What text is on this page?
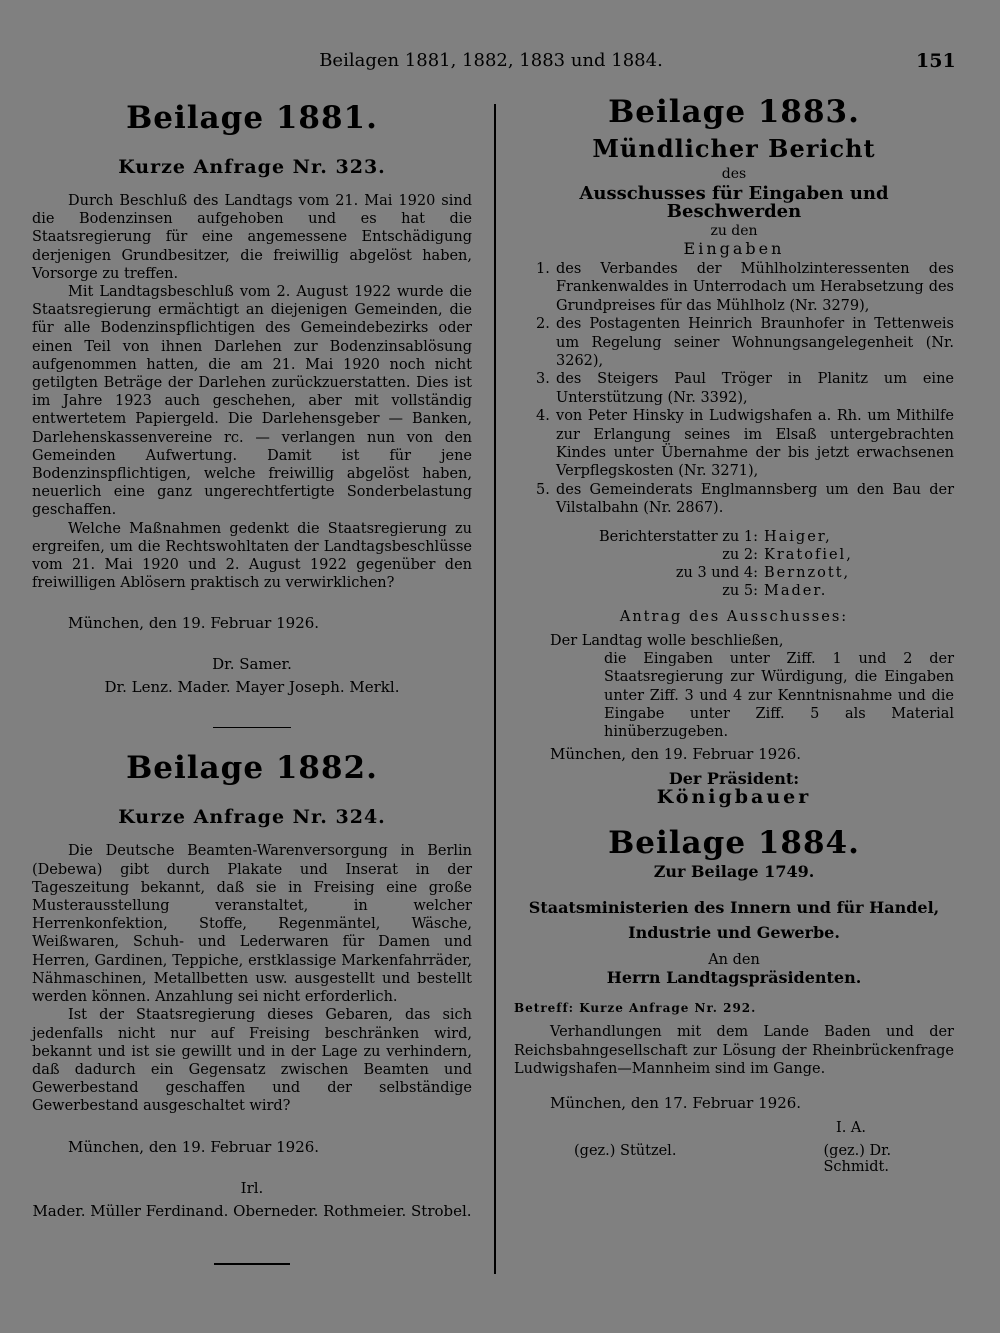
Beilagen 1881, 1882, 1883 und 1884.	151
Beilage 1881.
Kurze Anfrage Nr. 323.

Durch Beschluß des Landtags vom 21. Mai 1920 sind die Bodenzinsen aufgehoben und es hat die Staatsregierung für eine angemessene Entschädigung derjenigen Grundbesitzer, die freiwillig abgelöst haben, Vorsorge zu treffen.

Mit Landtagsbeschluß vom 2. August 1922 wurde die Staatsregierung ermächtigt an diejenigen Gemeinden, die für alle Bodenzinspflichtigen des Gemeindebezirks oder einen Teil von ihnen Darlehen zur Bodenzinsablösung aufgenommen hatten, die am 21. Mai 1920 noch nicht getilgten Beträge der Darlehen zurückzuerstatten. Dies ist im Jahre 1923 auch geschehen, aber mit vollständig entwertetem Papiergeld. Die Darlehensgeber — Banken, Darlehenskassenvereine rc. — verlangen nun von den Gemeinden Aufwertung. Damit ist für jene Bodenzinspflichtigen, welche freiwillig abgelöst haben, neuerlich eine ganz ungerechtfertigte Sonderbelastung geschaffen.

Welche Maßnahmen gedenkt die Staatsregierung zu ergreifen, um die Rechtswohltaten der Landtagsbeschlüsse vom 21. Mai 1920 und 2. August 1922 gegenüber den freiwilligen Ablösern praktisch zu verwirklichen?

München, den 19. Februar 1926.

Dr. Samer.

Dr. Lenz. Mader. Mayer Joseph. Merkl.

Beilage 1882.
Kurze Anfrage Nr. 324.

Die Deutsche Beamten-Warenversorgung in Berlin (Debewa) gibt durch Plakate und Inserat in der Tageszeitung bekannt, daß sie in Freising eine große Musterausstellung veranstaltet, in welcher Herrenkonfektion, Stoffe, Regenmäntel, Wäsche, Weißwaren, Schuh- und Lederwaren für Damen und Herren, Gardinen, Teppiche, erstklassige Markenfahrräder, Nähmaschinen, Metallbetten usw. ausgestellt und bestellt werden können. Anzahlung sei nicht erforderlich.

Ist der Staatsregierung dieses Gebaren, das sich jedenfalls nicht nur auf Freising beschränken wird, bekannt und ist sie gewillt und in der Lage zu verhindern, daß dadurch ein Gegensatz zwischen Beamten und Gewerbestand geschaffen und der selbständige Gewerbestand ausgeschaltet wird?

München, den 19. Februar 1926.

Irl.

Mader. Müller Ferdinand. Oberneder. Rothmeier. Strobel.

Beilage 1883.
Mündlicher Bericht

des

Ausschusses für Eingaben und Beschwerden

zu den

Eingaben

1. des Verbandes der Mühlholzinteressenten des Frankenwaldes in Unterrodach um Herabsetzung des Grundpreises für das Mühlholz (Nr. 3279),
2. des Postagenten Heinrich Braunhofer in Tettenweis um Regelung seiner Wohnungsangelegenheit (Nr. 3262),
3. des Steigers Paul Tröger in Planitz um eine Unterstützung (Nr. 3392),
4. von Peter Hinsky in Ludwigshafen a. Rh. um Mithilfe zur Erlangung seines im Elsaß untergebrachten Kindes unter Übernahme der bis jetzt erwachsenen Verpflegskosten (Nr. 3271),
5. des Gemeinderats Englmannsberg um den Bau der Vilstalbahn (Nr. 2867).
Berichterstatter zu 1: Haiger,
zu 2: Kratofiel,
zu 3 und 4: Bernzott,
zu 5: Mader.

Antrag des Ausschusses:

Der Landtag wolle beschließen,

die Eingaben unter Ziff. 1 und 2 der Staatsregierung zur Würdigung, die Eingaben unter Ziff. 3 und 4 zur Kenntnisnahme und die Eingabe unter Ziff. 5 als Material hinüberzugeben.

München, den 19. Februar 1926.

Der Präsident:

Königbauer

Beilage 1884.

Zur Beilage 1749.

Staatsministerien des Innern und für Handel, Industrie und Gewerbe.

An den

Herrn Landtagspräsidenten.

Betreff: Kurze Anfrage Nr. 292.

Verhandlungen mit dem Lande Baden und der Reichsbahngesellschaft zur Lösung der Rheinbrückenfrage Ludwigshafen—Mannheim sind im Gange.

München, den 17. Februar 1926.

I. A.

(gez.) Stützel.	(gez.) Dr. Schmidt.
